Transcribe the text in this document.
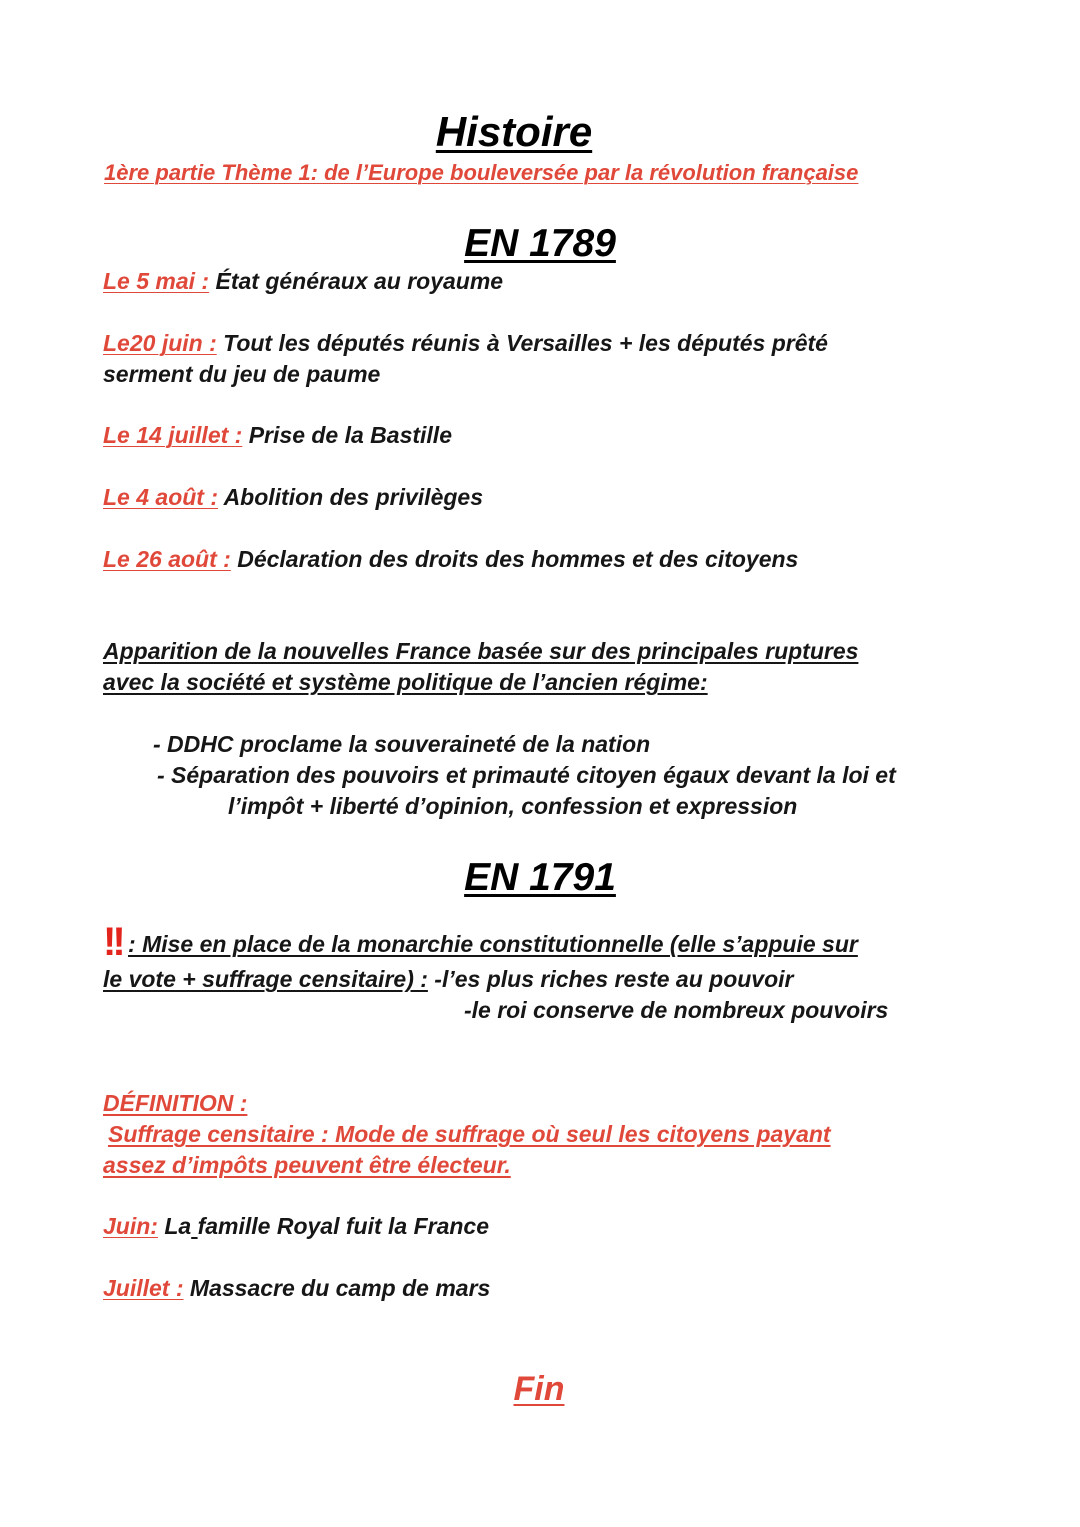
Histoire
1ère partie Thème 1: de l’Europe bouleversée par la révolution française
EN 1789
Le 5 mai : État généraux au royaume
Le20 juin : Tout les députés réunis à Versailles + les députés prêté
serment du jeu de paume
Le 14 juillet : Prise de la Bastille
Le 4 août : Abolition des privilèges
Le 26 août : Déclaration des droits des hommes et des citoyens
Apparition de la nouvelles France basée sur des principales ruptures
avec la société et système politique de l’ancien régime:
- DDHC proclame la souveraineté de la nation
- Séparation des pouvoirs et primauté citoyen égaux devant la loi et
l’impôt + liberté d’opinion, confession et expression
EN 1791
!! : Mise en place de la monarchie constitutionnelle (elle s’appuie sur
le vote + suffrage censitaire) : -l’es plus riches reste au pouvoir
-le roi conserve de nombreux pouvoirs
DÉFINITION :
Suffrage censitaire : Mode de suffrage où seul les citoyens payant
assez d’impôts peuvent être électeur.
Juin: La famille Royal fuit la France
Juillet : Massacre du camp de mars
Fin
